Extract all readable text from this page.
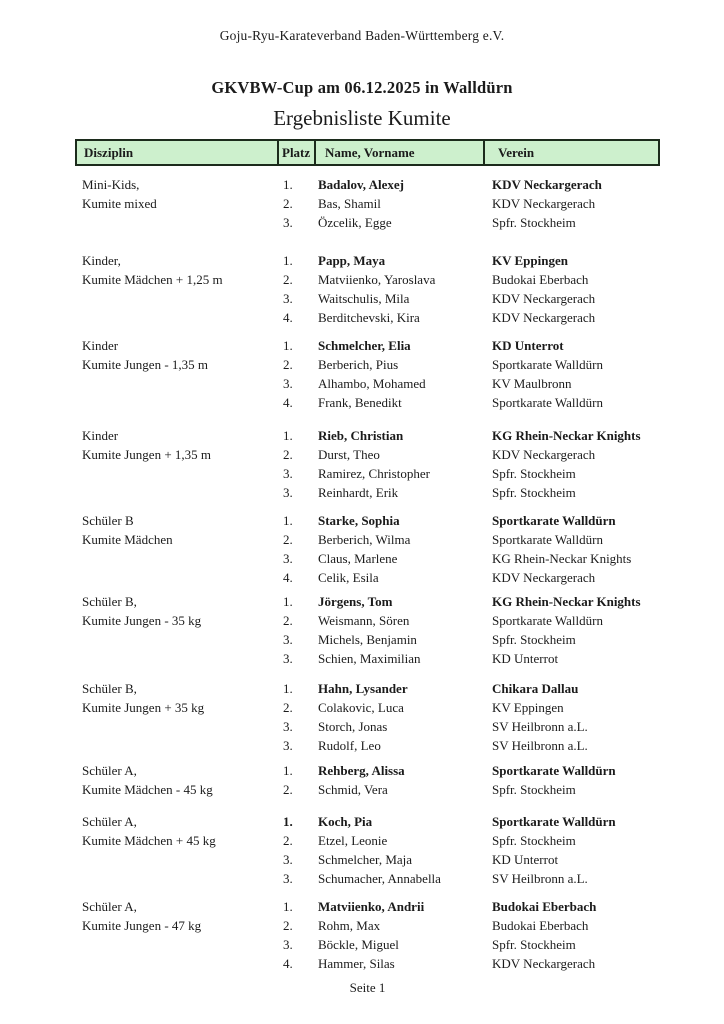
Goju-Ryu-Karateverband Baden-Württemberg e.V.
GKVBW-Cup am 06.12.2025 in Walldürn
Ergebnisliste Kumite
Disziplin	Platz	Name, Vorname	Verein
Mini-Kids,
Kumite mixed
1.	Badalov, Alexej	KDV Neckargerach
2.	Bas, Shamil	KDV Neckargerach
3.	Özcelik, Egge	Spfr. Stockheim
Kinder,
Kumite Mädchen + 1,25 m
1.	Papp, Maya	KV Eppingen
2.	Matviienko, Yaroslava	Budokai Eberbach
3.	Waitschulis, Mila	KDV Neckargerach
4.	Berditchevski, Kira	KDV Neckargerach
Kinder
Kumite Jungen - 1,35 m
1.	Schmelcher, Elia	KD Unterrot
2.	Berberich, Pius	Sportkarate Walldürn
3.	Alhambo, Mohamed	KV Maulbronn
4.	Frank, Benedikt	Sportkarate Walldürn
Kinder
Kumite Jungen + 1,35 m
1.	Rieb, Christian	KG Rhein-Neckar Knights
2.	Durst, Theo	KDV Neckargerach
3.	Ramirez, Christopher	Spfr. Stockheim
3.	Reinhardt, Erik	Spfr. Stockheim
Schüler B
Kumite Mädchen
1.	Starke, Sophia	Sportkarate Walldürn
2.	Berberich, Wilma	Sportkarate Walldürn
3.	Claus, Marlene	KG Rhein-Neckar Knights
4.	Celik, Esila	KDV Neckargerach
Schüler B,
Kumite Jungen - 35 kg
1.	Jörgens, Tom	KG Rhein-Neckar Knights
2.	Weismann, Sören	Sportkarate Walldürn
3.	Michels, Benjamin	Spfr. Stockheim
3.	Schien, Maximilian	KD Unterrot
Schüler B,
Kumite Jungen + 35 kg
1.	Hahn, Lysander	Chikara Dallau
2.	Colakovic, Luca	KV Eppingen
3.	Storch, Jonas	SV Heilbronn a.L.
3.	Rudolf, Leo	SV Heilbronn a.L.
Schüler A,
Kumite Mädchen - 45 kg
1.	Rehberg, Alissa	Sportkarate Walldürn
2.	Schmid, Vera	Spfr. Stockheim
Schüler A,
Kumite Mädchen + 45 kg
1.	Koch, Pia	Sportkarate Walldürn
2.	Etzel, Leonie	Spfr. Stockheim
3.	Schmelcher, Maja	KD Unterrot
3.	Schumacher, Annabella	SV Heilbronn a.L.
Schüler A,
Kumite Jungen - 47 kg
1.	Matviienko, Andrii	Budokai Eberbach
2.	Rohm, Max	Budokai Eberbach
3.	Böckle, Miguel	Spfr. Stockheim
4.	Hammer, Silas	KDV Neckargerach
Seite 1
